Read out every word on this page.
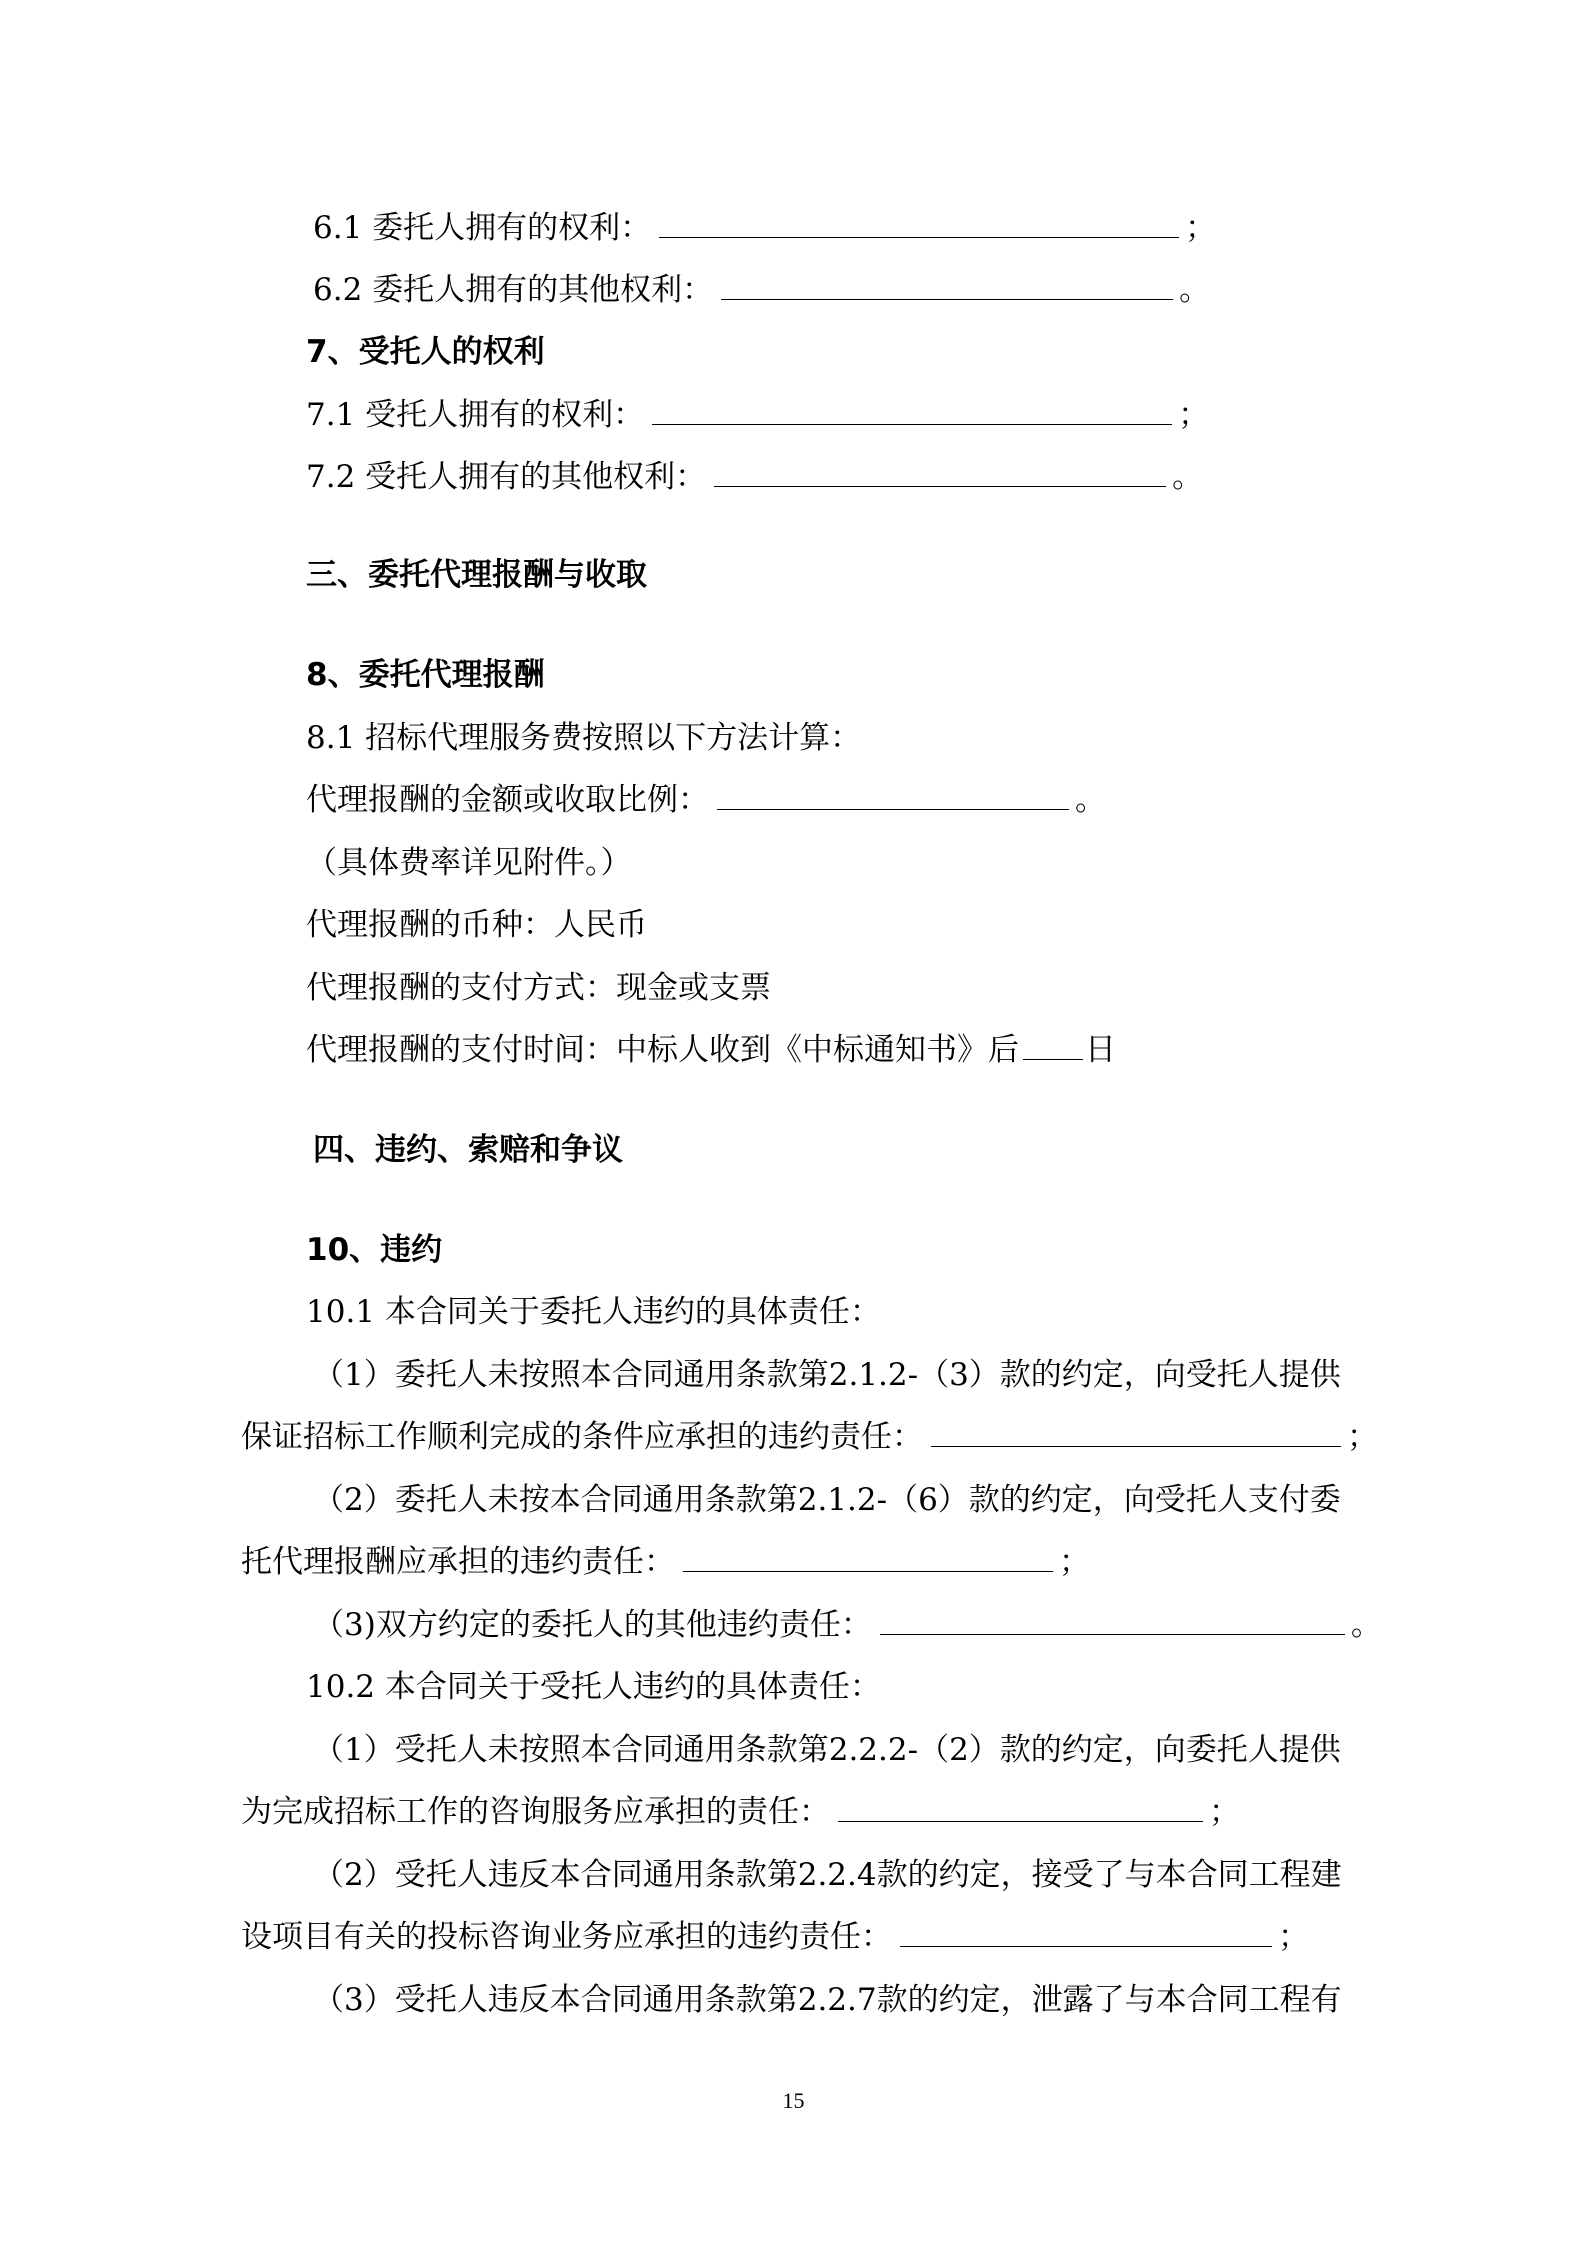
6.1 委托人拥有的权利：	；
6.2 委托人拥有的其他权利：	。
7、受托人的权利
7.1 受托人拥有的权利：	；
7.2 受托人拥有的其他权利：	。
三、委托代理报酬与收取
8、委托代理报酬
8.1 招标代理服务费按照以下方法计算：
代理报酬的金额或收取比例：	。
（具体费率详见附件。）
代理报酬的币种：人民币
代理报酬的支付方式：现金或支票
代理报酬的支付时间：中标人收到《中标通知书》后 日
四、违约、索赔和争议
10、违约
10.1 本合同关于委托人违约的具体责任：
（1）委托人未按照本合同通用条款第2.1.2-（3）款的约定，向受托人提供
保证招标工作顺利完成的条件应承担的违约责任：	；
（2）委托人未按本合同通用条款第2.1.2-（6）款的约定，向受托人支付委
托代理报酬应承担的违约责任：	；
（3)双方约定的委托人的其他违约责任：	。
10.2 本合同关于受托人违约的具体责任：
（1）受托人未按照本合同通用条款第2.2.2-（2）款的约定，向委托人提供
为完成招标工作的咨询服务应承担的责任：	；
（2）受托人违反本合同通用条款第2.2.4款的约定，接受了与本合同工程建
设项目有关的投标咨询业务应承担的违约责任：	；
（3）受托人违反本合同通用条款第2.2.7款的约定，泄露了与本合同工程有
15
